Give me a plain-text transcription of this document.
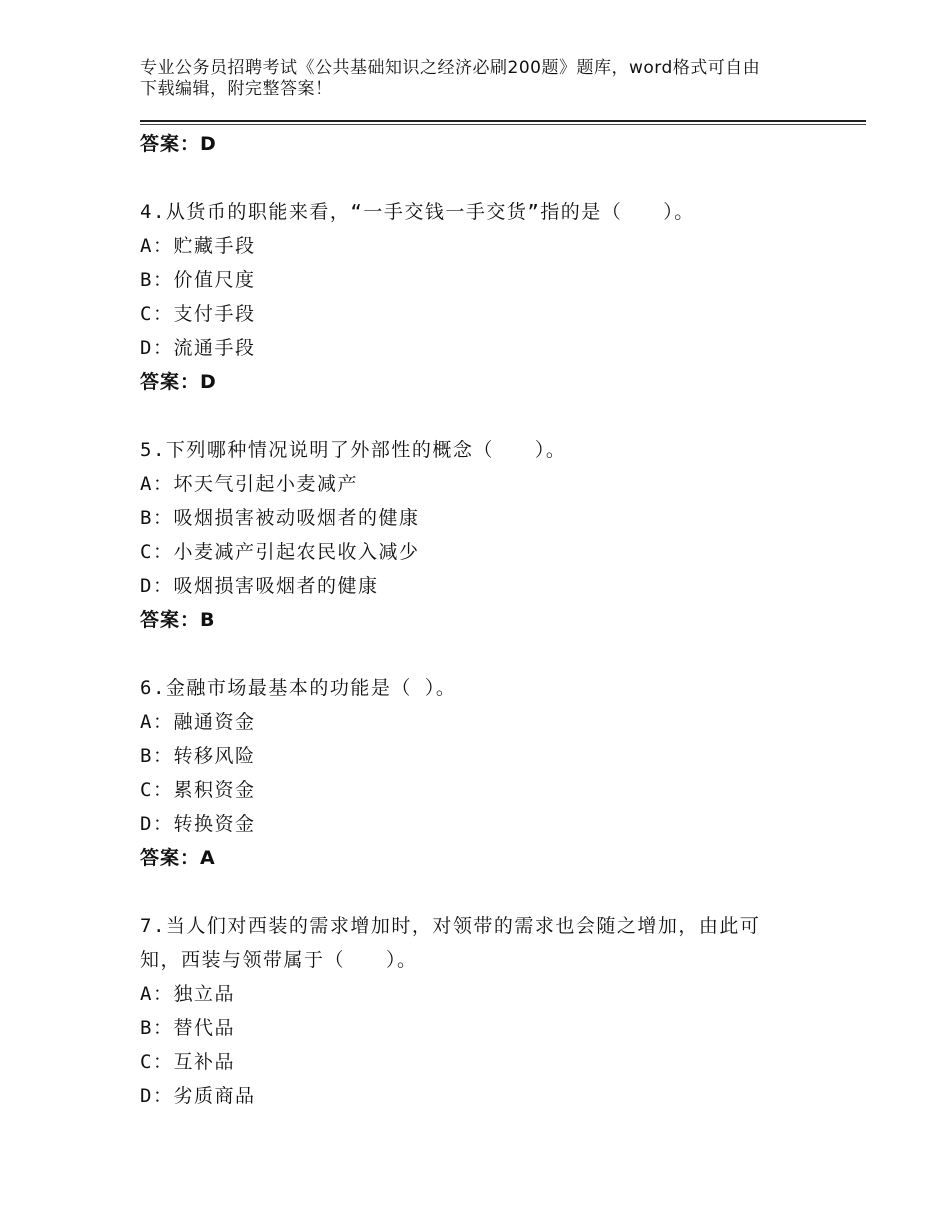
专业公务员招聘考试《公共基础知识之经济必刷200题》题库，word格式可自由
下载编辑，附完整答案！
答案：D
4.从货币的职能来看，“一手交钱一手交货”指的是（　　）。
A：贮藏手段
B：价值尺度
C：支付手段
D：流通手段
答案：D
5.下列哪种情况说明了外部性的概念（　　）。
A：坏天气引起小麦减产
B：吸烟损害被动吸烟者的健康
C：小麦减产引起农民收入减少
D：吸烟损害吸烟者的健康
答案：B
6.金融市场最基本的功能是（ ）。
A：融通资金
B：转移风险
C：累积资金
D：转换资金
答案：A
7.当人们对西装的需求增加时，对领带的需求也会随之增加，由此可
知，西装与领带属于（　　）。
A：独立品
B：替代品
C：互补品
D：劣质商品
